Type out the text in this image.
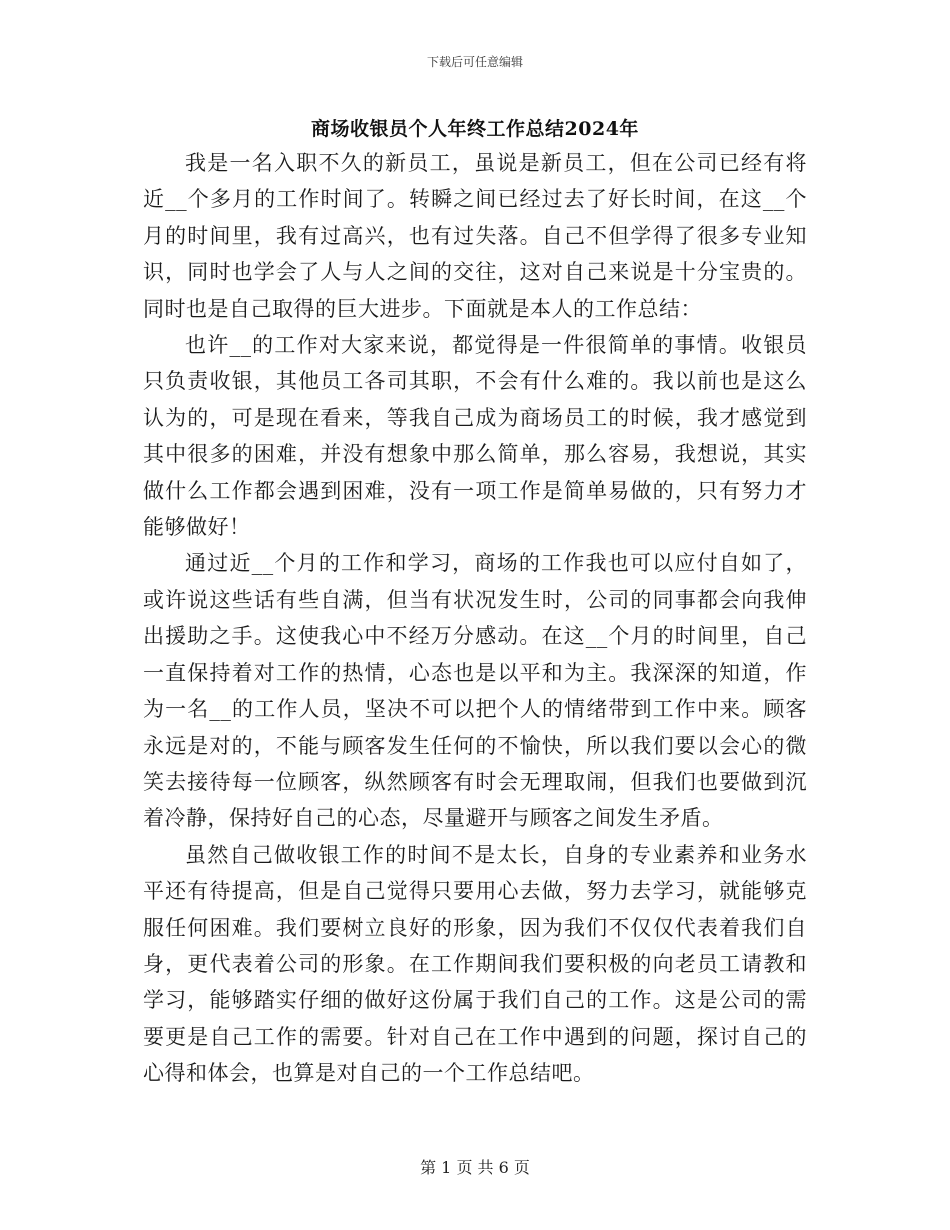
下载后可任意编辑
商场收银员个人年终工作总结2024年

我是一名入职不久的新员工，虽说是新员工，但在公司已经有将近__个多月的工作时间了。转瞬之间已经过去了好长时间，在这__个月的时间里，我有过高兴，也有过失落。自己不但学得了很多专业知识，同时也学会了人与人之间的交往，这对自己来说是十分宝贵的。同时也是自己取得的巨大进步。下面就是本人的工作总结：

也许__的工作对大家来说，都觉得是一件很简单的事情。收银员只负责收银，其他员工各司其职，不会有什么难的。我以前也是这么认为的，可是现在看来，等我自己成为商场员工的时候，我才感觉到其中很多的困难，并没有想象中那么简单，那么容易，我想说，其实做什么工作都会遇到困难，没有一项工作是简单易做的，只有努力才能够做好！

通过近__个月的工作和学习，商场的工作我也可以应付自如了，或许说这些话有些自满，但当有状况发生时，公司的同事都会向我伸出援助之手。这使我心中不经万分感动。在这__个月的时间里，自己一直保持着对工作的热情，心态也是以平和为主。我深深的知道，作为一名__的工作人员，坚决不可以把个人的情绪带到工作中来。顾客永远是对的，不能与顾客发生任何的不愉快，所以我们要以会心的微笑去接待每一位顾客，纵然顾客有时会无理取闹，但我们也要做到沉着冷静，保持好自己的心态，尽量避开与顾客之间发生矛盾。

虽然自己做收银工作的时间不是太长，自身的专业素养和业务水平还有待提高，但是自己觉得只要用心去做，努力去学习，就能够克服任何困难。我们要树立良好的形象，因为我们不仅仅代表着我们自身，更代表着公司的形象。在工作期间我们要积极的向老员工请教和学习，能够踏实仔细的做好这份属于我们自己的工作。这是公司的需要更是自己工作的需要。针对自己在工作中遇到的问题，探讨自己的心得和体会，也算是对自己的一个工作总结吧。

第 1 页 共 6 页
